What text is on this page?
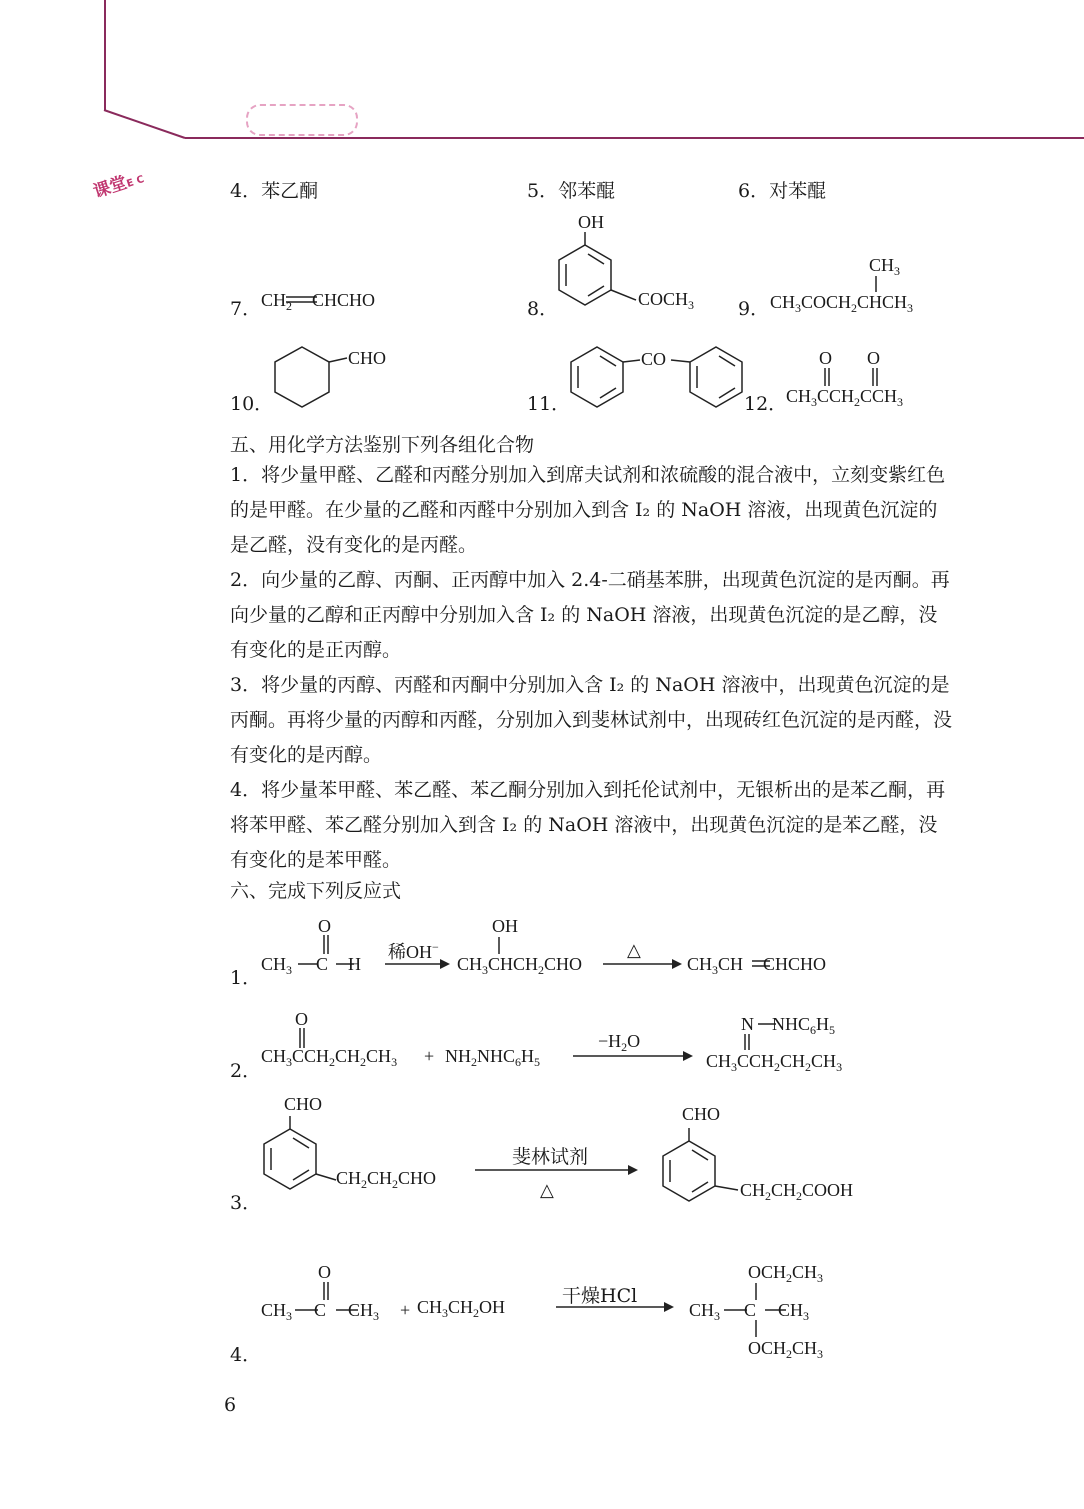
课堂E C	4．苯乙酮	5．邻苯醌	6．对苯醌
7． $CH_2$ CHCHO	8．
OH
$COCH_3$ 9．
$CH_3$
$CH_3COCH_2CHCH_3$
10．
CHO
11．
CO
12．
O O
$CH_3CCH_2CCH_3$
五、用化学方法鉴别下列各组化合物
1．将少量甲醛、乙醛和丙醛分别加入到席夫试剂和浓硫酸的混合液中，立刻变紫红色的是甲醛。在少量的乙醛和丙醛中分别加入到含 I₂ 的 NaOH 溶液，出现黄色沉淀的是乙醛，没有变化的是丙醛。
2．向少量的乙醇、丙酮、正丙醇中加入 2.4-二硝基苯肼，出现黄色沉淀的是丙酮。再向少量的乙醇和正丙醇中分别加入含 I₂ 的 NaOH 溶液，出现黄色沉淀的是乙醇，没有变化的是正丙醇。
3．将少量的丙醇、丙醛和丙酮中分别加入含 I₂ 的 NaOH 溶液中，出现黄色沉淀的是丙酮。再将少量的丙醇和丙醛，分别加入到斐林试剂中，出现砖红色沉淀的是丙醛，没有变化的是丙醇。
4．将少量苯甲醛、苯乙醛、苯乙酮分别加入到托伦试剂中，无银析出的是苯乙酮，再将苯甲醛、苯乙醛分别加入到含 I₂ 的 NaOH 溶液中，出现黄色沉淀的是苯乙醛，没有变化的是苯甲醛。
六、完成下列反应式
1．
O
$CH_3$ C H
稀OH−
OH
$CH_3CHCH_2CHO$
△
$CH_3CH$ CHCHO
2．
O
$CH_3CCH_2CH_2CH_3 + NH_2NHC_6H_5$
$-H_2O$
N $NHC_6H_5$
$CH_3CCH_2CH_2CH_3$
3．
CHO
$CH_2CH_2CHO$
斐林试剂
△
CHO
$CH_2CH_2COOH$
4．
O
$CH_3$ C $CH_3 + CH_3CH_2OH$	干燥HCl
$OCH_2CH_3$
$CH_3$ C $CH_3$
$OCH_2CH_3$
6
